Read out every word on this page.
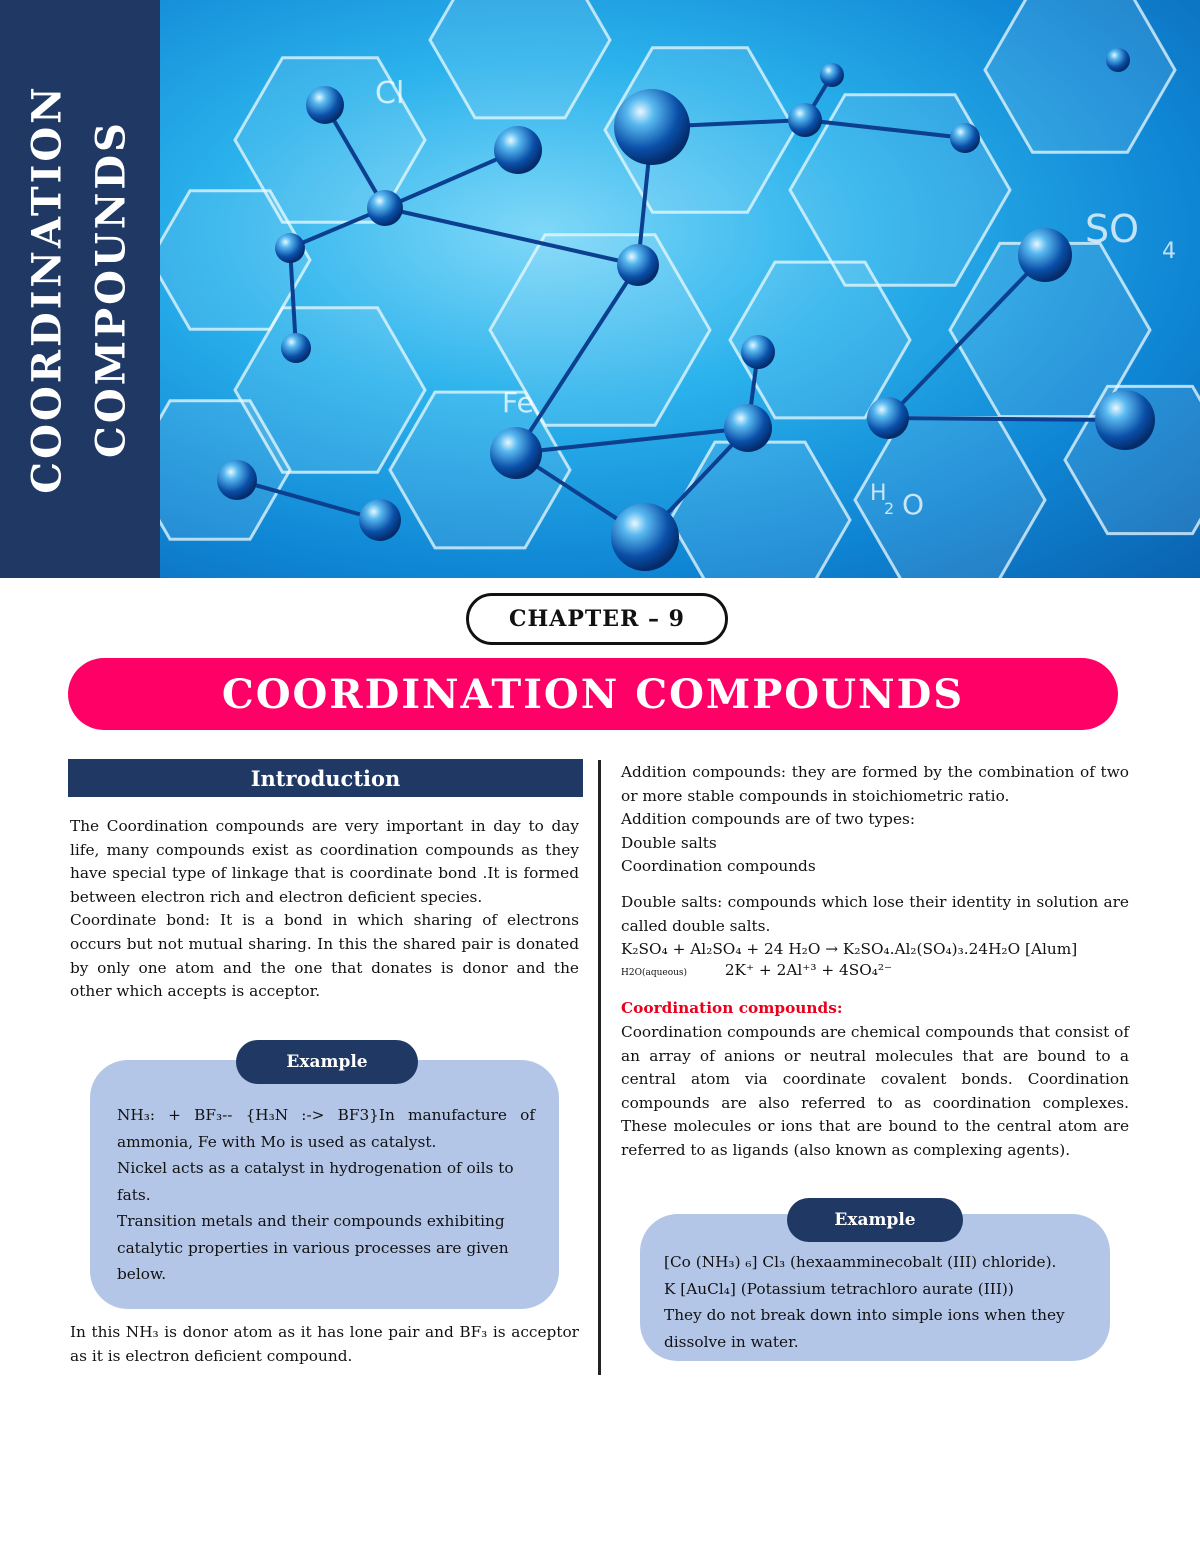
Cl
SO
4
Fe
H
2 O
COORDINATION COMPOUNDS
CHAPTER – 9
COORDINATION COMPOUNDS
Introduction

The Coordination compounds are very important in day to day life, many compounds exist as coordination compounds as they have special type of linkage that is coordinate bond .It is formed between electron rich and electron deficient species.

Coordinate bond: It is a bond in which sharing of electrons occurs but not mutual sharing. In this the shared pair is donated by only one atom and the one that donates is donor and the other which accepts is acceptor.

NH₃: + BF₃-- {H₃N :-> BF3}In manufacture of ammonia, Fe with Mo is used as catalyst.

Nickel acts as a catalyst in hydrogenation of oils to fats.

Transition metals and their compounds exhibiting catalytic properties in various processes are given below.

Example
In this NH₃ is donor atom as it has lone pair and BF₃ is acceptor as it is electron deficient compound.

Addition compounds: they are formed by the combination of two or more stable compounds in stoichiometric ratio.

Addition compounds are of two types:

Double salts

Coordination compounds

Double salts: compounds which lose their identity in solution are called double salts.

K₂SO₄ + Al₂SO₄ + 24 H₂O → K₂SO₄.Al₂(SO₄)₃.24H₂O [Alum]

H2O(aqueous) 2K⁺ + 2Al⁺³ + 4SO₄²⁻

Coordination compounds:

Coordination compounds are chemical compounds that consist of an array of anions or neutral molecules that are bound to a central atom via coordinate covalent bonds. Coordination compounds are also referred to as coordination complexes. These molecules or ions that are bound to the central atom are referred to as ligands (also known as complexing agents).

[Co (NH₃) ₆] Cl₃ (hexaamminecobalt (III) chloride).

K [AuCl₄] (Potassium tetrachloro aurate (III))

They do not break down into simple ions when they dissolve in water.

Example
